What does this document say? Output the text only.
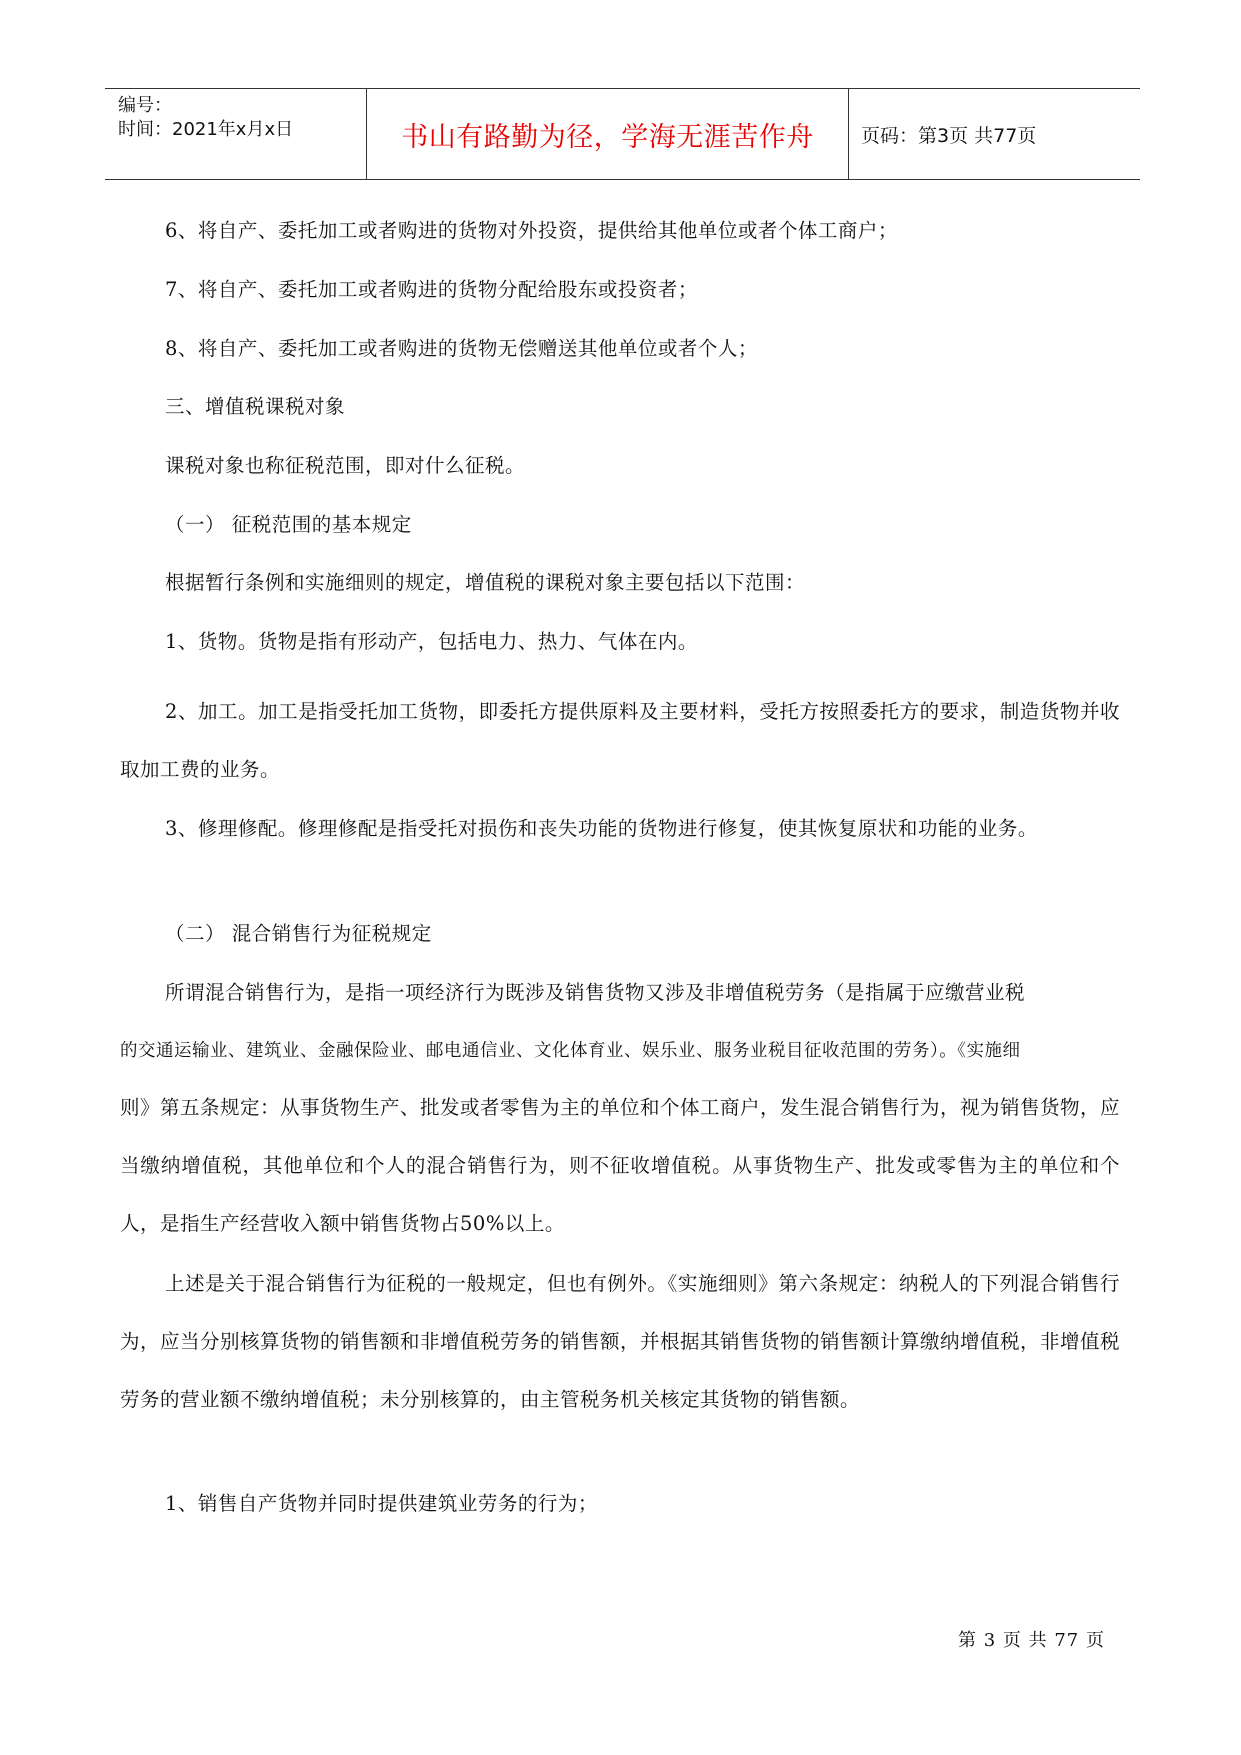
编号：
时间：2021年x月x日	书山有路勤为径，学海无涯苦作舟	页码：第3页 共77页

6、将自产、委托加工或者购进的货物对外投资，提供给其他单位或者个体工商户；

7、将自产、委托加工或者购进的货物分配给股东或投资者；

8、将自产、委托加工或者购进的货物无偿赠送其他单位或者个人；

三、增值税课税对象

课税对象也称征税范围，即对什么征税。

（一） 征税范围的基本规定

根据暂行条例和实施细则的规定，增值税的课税对象主要包括以下范围：

1、货物。货物是指有形动产，包括电力、热力、气体在内。

2、加工。加工是指受托加工货物，即委托方提供原料及主要材料，受托方按照委托方的要求，制造货物并收取加工费的业务。

3、修理修配。修理修配是指受托对损伤和丧失功能的货物进行修复，使其恢复原状和功能的业务。

（二） 混合销售行为征税规定

所谓混合销售行为，是指一项经济行为既涉及销售货物又涉及非增值税劳务（是指属于应缴营业税

的交通运输业、建筑业、金融保险业、邮电通信业、文化体育业、娱乐业、服务业税目征收范围的劳务）。《实施细

则》第五条规定：从事货物生产、批发或者零售为主的单位和个体工商户，发生混合销售行为，视为销售货物，应当缴纳增值税，其他单位和个人的混合销售行为，则不征收增值税。从事货物生产、批发或零售为主的单位和个人，是指生产经营收入额中销售货物占50%以上。

上述是关于混合销售行为征税的一般规定，但也有例外。《实施细则》第六条规定：纳税人的下列混合销售行为，应当分别核算货物的销售额和非增值税劳务的销售额，并根据其销售货物的销售额计算缴纳增值税，非增值税劳务的营业额不缴纳增值税；未分别核算的，由主管税务机关核定其货物的销售额。

1、销售自产货物并同时提供建筑业劳务的行为；

第 3 页 共 77 页
